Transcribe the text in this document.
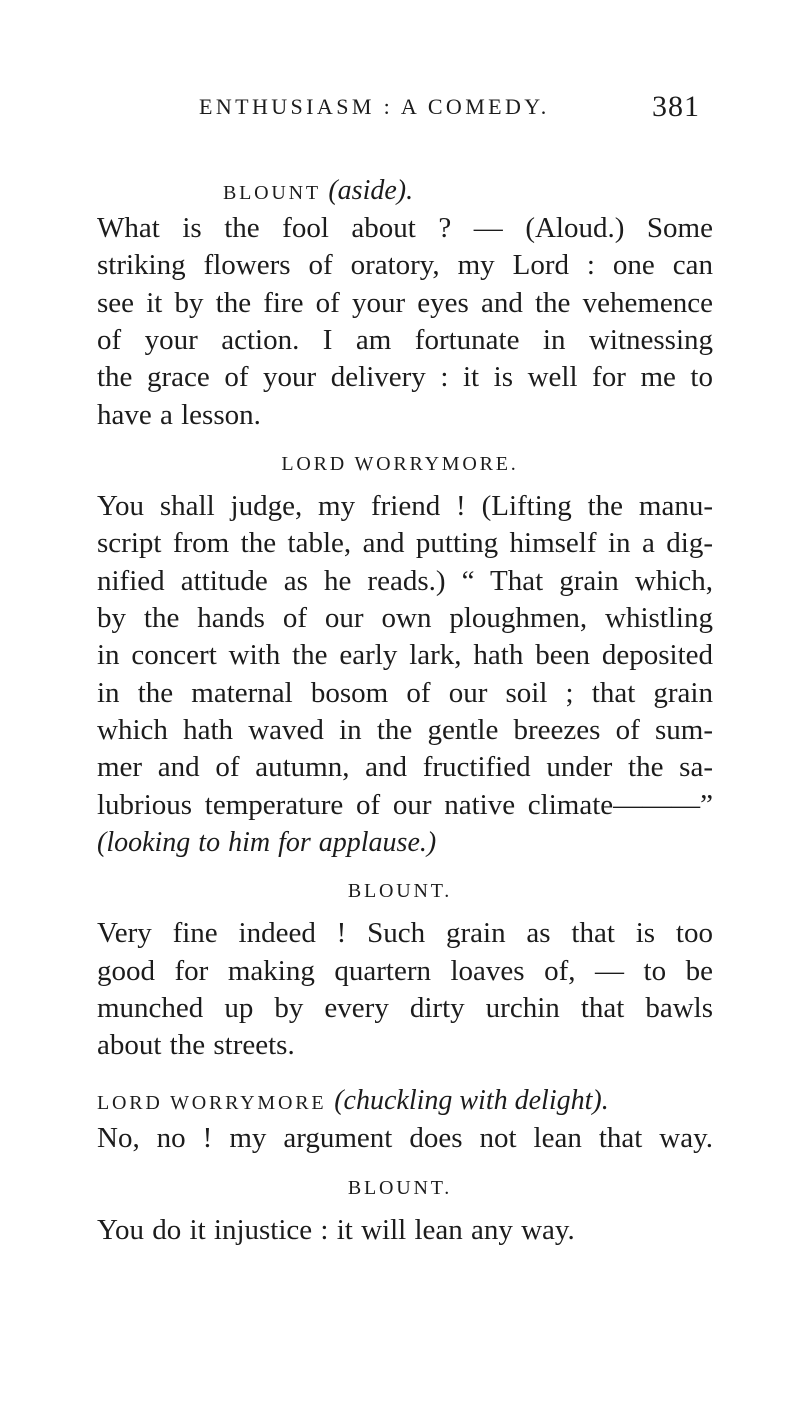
ENTHUSIASM : A COMEDY.	381
BLOUNT (aside).
What is the fool about ? — (Aloud.) Some
striking flowers of oratory, my Lord : one can
see it by the fire of your eyes and the vehemence
of your action. I am fortunate in witnessing
the grace of your delivery : it is well for me to
have a lesson.
LORD WORRYMORE.
You shall judge, my friend ! (Lifting the manu-
script from the table, and putting himself in a dig-
nified attitude as he reads.) “ That grain which,
by the hands of our own ploughmen, whistling
in concert with the early lark, hath been deposited
in the maternal bosom of our soil ; that grain
which hath waved in the gentle breezes of sum-
mer and of autumn, and fructified under the sa-
lubrious temperature of our native climate———”
(looking to him for applause.)
BLOUNT.
Very fine indeed ! Such grain as that is too
good for making quartern loaves of, — to be
munched up by every dirty urchin that bawls
about the streets.
LORD WORRYMORE (chuckling with delight).
No, no ! my argument does not lean that way.
BLOUNT.
You do it injustice : it will lean any way.
